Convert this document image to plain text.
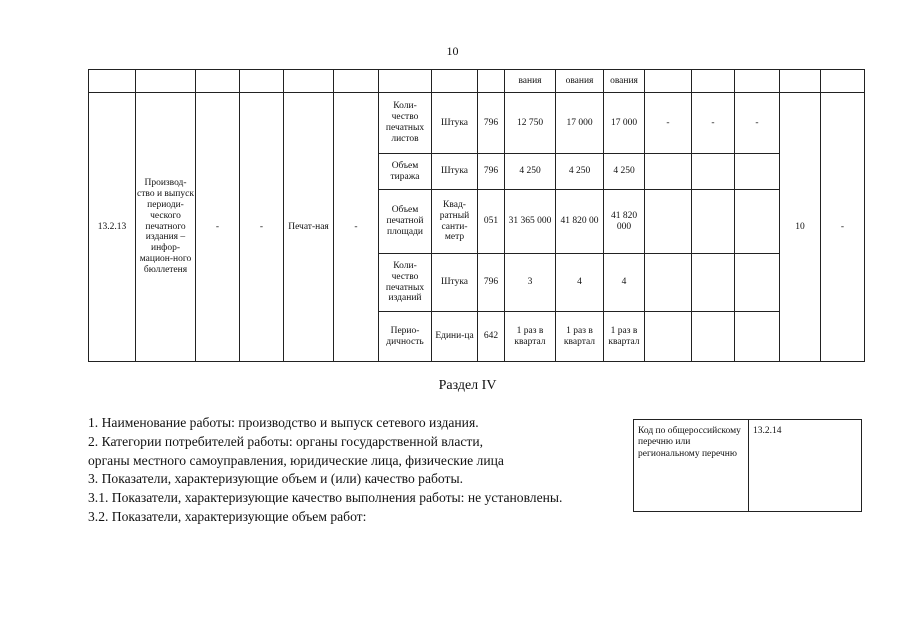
10
									вания	ования	ования					
13.2.13	Производ-ство и выпуск периоди-ческого печатного издания – инфор-мацион-ного бюллетеня	-	-	Печат-ная	-	Коли-чество печатных листов	Штука	796	12 750	17 000	17 000	-	-	-	10	-
						Объем тиража	Штука	796	4 250	4 250	4 250					
						Объем печатной площади	Квад-ратный санти-метр	051	31 365 000	41 820 00	41 820 000					
						Коли-чество печатных изданий	Штука	796	3	4	4					
						Перио-дичность	Едини-ца	642	1 раз в квартал	1 раз в квартал	1 раз в квартал					
Раздел IV
1. Наименование работы: производство и выпуск сетевого издания.
2. Категории потребителей работы: органы государственной власти,
органы местного самоуправления, юридические лица, физические лица
3. Показатели, характеризующие объем и (или) качество работы.
3.1. Показатели, характеризующие качество выполнения работы: не установлены.
3.2. Показатели, характеризующие объем работ:
Код по общероссийскому перечню или региональному перечню	13.2.14
